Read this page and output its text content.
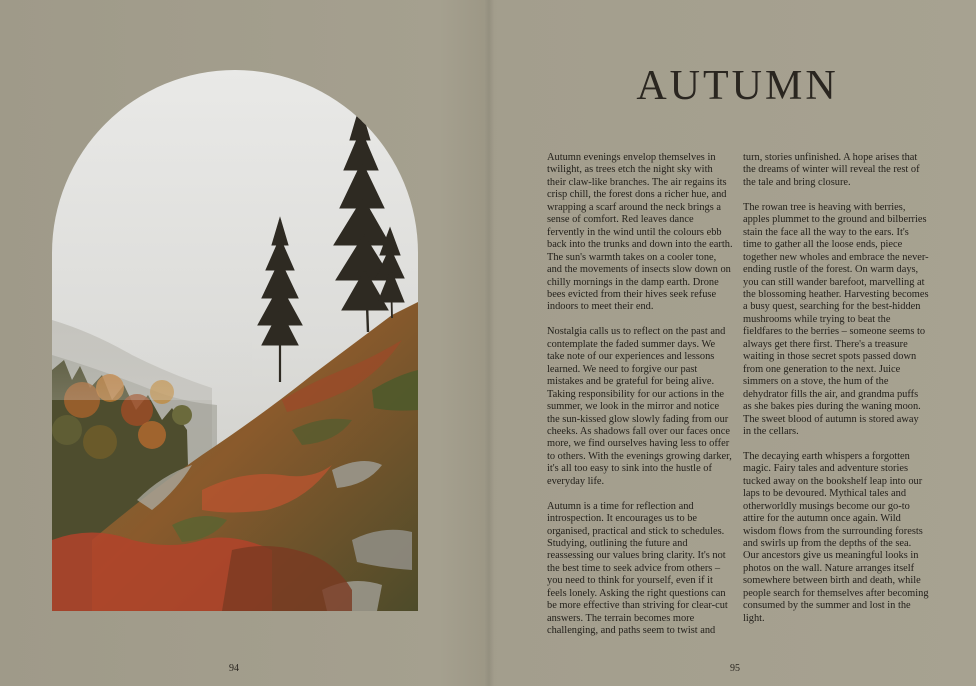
AUTUMN

Autumn evenings envelop themselves in twilight, as trees etch the night sky with their claw-like branches. The air regains its crisp chill, the forest dons a richer hue, and wrapping a scarf around the neck brings a sense of comfort. Red leaves dance fervently in the wind until the colours ebb back into the trunks and down into the earth. The sun's warmth takes on a cooler tone, and the movements of insects slow down on chilly mornings in the damp earth. Drone bees evicted from their hives seek refuse indoors to meet their end.

Nostalgia calls us to reflect on the past and contemplate the faded summer days. We take note of our experiences and lessons learned. We need to forgive our past mistakes and be grateful for being alive. Taking responsibility for our actions in the summer, we look in the mirror and notice the sun-kissed glow slowly fading from our cheeks. As shadows fall over our faces once more, we find ourselves having less to offer to others. With the evenings growing darker, it's all too easy to sink into the hustle of everyday life.

Autumn is a time for reflection and introspection. It encourages us to be organised, practical and stick to schedules. Studying, outlining the future and reassessing our values bring clarity. It's not the best time to seek advice from others – you need to think for yourself, even if it feels lonely. Asking the right questions can be more effective than striving for clear-cut answers. The terrain becomes more challenging, and paths seem to twist and

turn, stories unfinished. A hope arises that the dreams of winter will reveal the rest of the tale and bring closure.

The rowan tree is heaving with berries, apples plummet to the ground and bilberries stain the face all the way to the ears. It's time to gather all the loose ends, piece together new wholes and embrace the never-ending rustle of the forest. On warm days, you can still wander barefoot, marvelling at the blossoming heather. Harvesting becomes a busy quest, searching for the best-hidden mushrooms while trying to beat the fieldfares to the berries – someone seems to always get there first. There's a treasure waiting in those secret spots passed down from one generation to the next. Juice simmers on a stove, the hum of the dehydrator fills the air, and grandma puffs as she bakes pies during the waning moon. The sweet blood of autumn is stored away in the cellars.

The decaying earth whispers a forgotten magic. Fairy tales and adventure stories tucked away on the bookshelf leap into our laps to be devoured. Mythical tales and otherworldly musings become our go-to attire for the autumn once again. Wild wisdom flows from the surrounding forests and swirls up from the depths of the sea. Our ancestors give us meaningful looks in photos on the wall. Nature arranges itself somewhere between birth and death, while people search for themselves after becoming consumed by the summer and lost in the light.

94	95
